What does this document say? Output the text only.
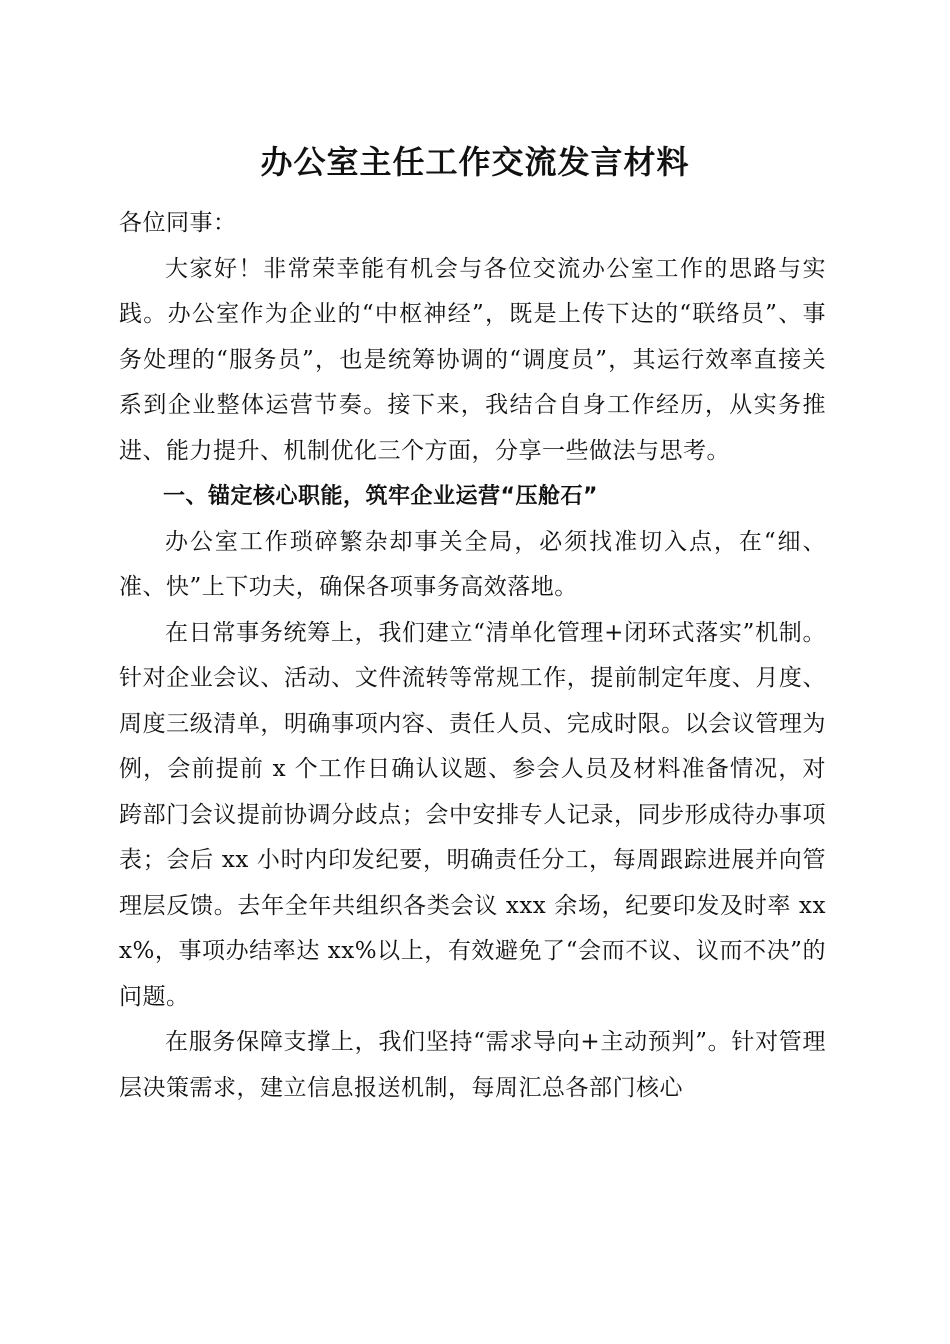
办公室主任工作交流发言材料

各位同事：

大家好！非常荣幸能有机会与各位交流办公室工作的思路与实践。办公室作为企业的“中枢神经”，既是上传下达的“联络员”、事务处理的“服务员”，也是统筹协调的“调度员”，其运行效率直接关系到企业整体运营节奏。接下来，我结合自身工作经历，从实务推进、能力提升、机制优化三个方面，分享一些做法与思考。

一、锚定核心职能，筑牢企业运营“压舱石”

办公室工作琐碎繁杂却事关全局，必须找准切入点，在“细、准、快”上下功夫，确保各项事务高效落地。

在日常事务统筹上，我们建立“清单化管理+闭环式落实”机制。针对企业会议、活动、文件流转等常规工作，提前制定年度、月度、周度三级清单，明确事项内容、责任人员、完成时限。以会议管理为例，会前提前 x 个工作日确认议题、参会人员及材料准备情况，对跨部门会议提前协调分歧点；会中安排专人记录，同步形成待办事项表；会后 xx 小时内印发纪要，明确责任分工，每周跟踪进展并向管理层反馈。去年全年共组织各类会议 xxx 余场，纪要印发及时率 xxx%，事项办结率达 xx%以上，有效避免了“会而不议、议而不决”的问题。

在服务保障支撑上，我们坚持“需求导向+主动预判”。针对管理层决策需求，建立信息报送机制，每周汇总各部门核心
